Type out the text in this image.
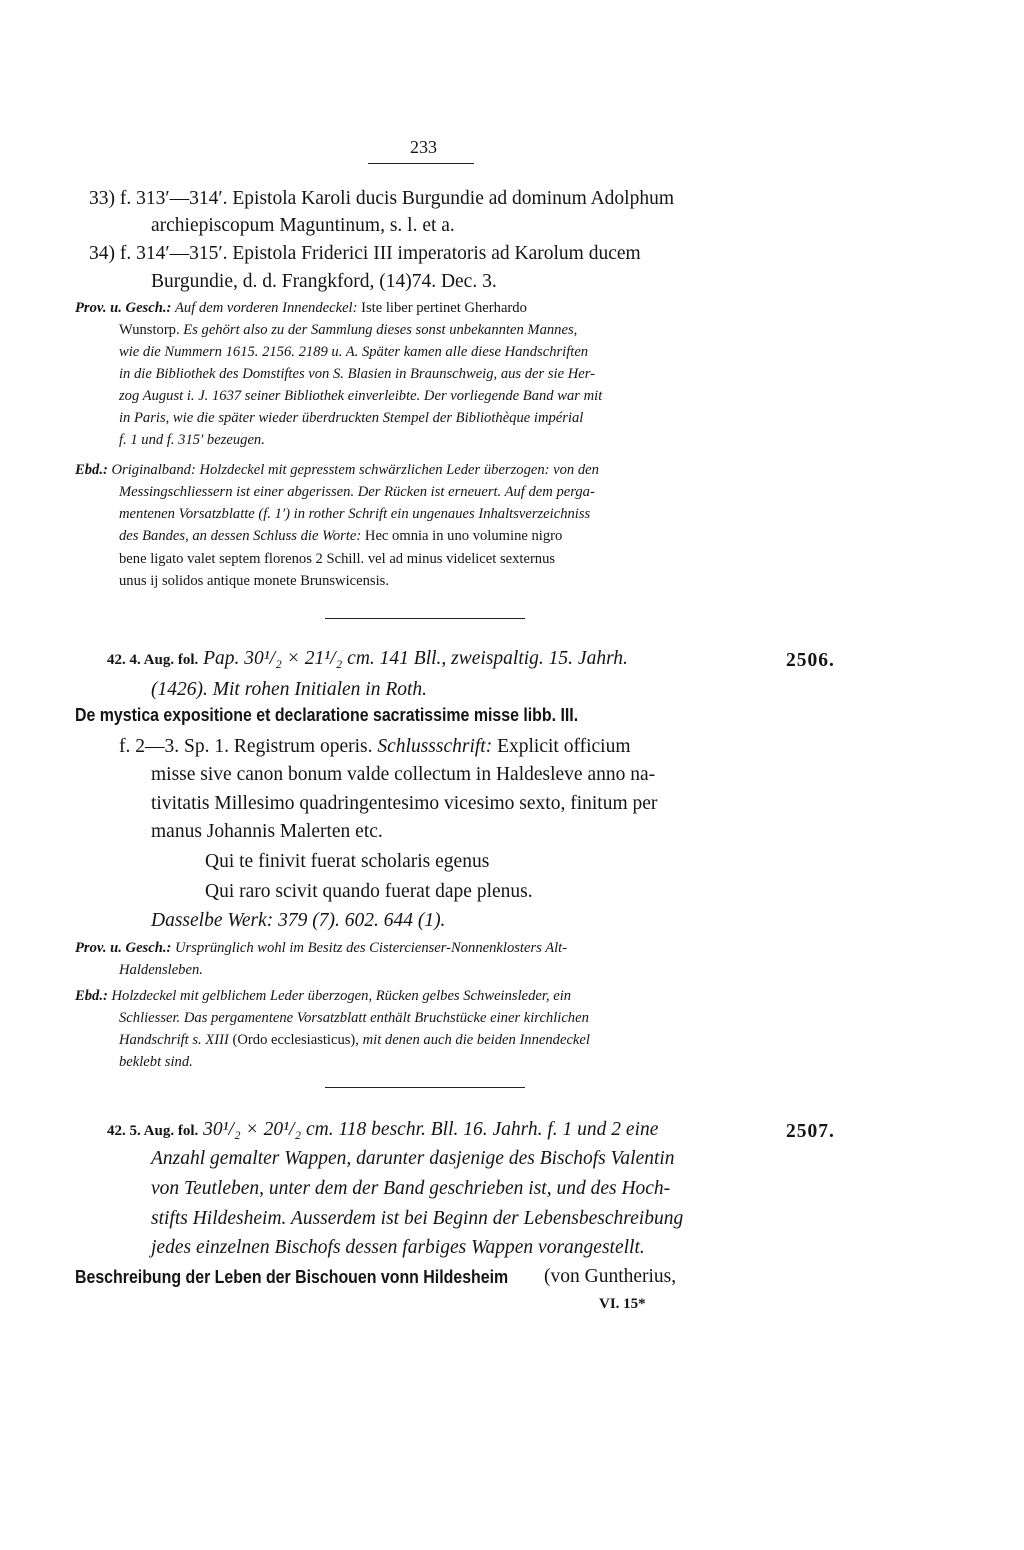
233
33) f. 313′—314′. Epistola Karoli ducis Burgundie ad dominum Adolphum
archiepiscopum Maguntinum, s. l. et a.
34) f. 314′—315′. Epistola Friderici III imperatoris ad Karolum ducem
Burgundie, d. d. Frangkford, (14)74. Dec. 3.
Prov. u. Gesch.: Auf dem vorderen Innendeckel: Iste liber pertinet Gherhardo
Wunstorp. Es gehört also zu der Sammlung dieses sonst unbekannten Mannes,
wie die Nummern 1615. 2156. 2189 u. A. Später kamen alle diese Handschriften
in die Bibliothek des Domstiftes von S. Blasien in Braunschweig, aus der sie Her-
zog August i. J. 1637 seiner Bibliothek einverleibte. Der vorliegende Band war mit
in Paris, wie die später wieder überdruckten Stempel der Bibliothèque impérial
f. 1 und f. 315′ bezeugen.
Ebd.: Originalband: Holzdeckel mit gepresstem schwärzlichen Leder überzogen: von den
Messingschliessern ist einer abgerissen. Der Rücken ist erneuert. Auf dem perga-
mentenen Vorsatzblatte (f. 1′) in rother Schrift ein ungenaues Inhaltsverzeichniss
des Bandes, an dessen Schluss die Worte: Hec omnia in uno volumine nigro
bene ligato valet septem florenos 2 Schill. vel ad minus videlicet sexternus
unus ij solidos antique monete Brunswicensis.
42. 4. Aug. fol. Pap. 30¹/₂ × 21¹/₂ cm. 141 Bll., zweispaltig. 15. Jahrh.	2506.
(1426). Mit rohen Initialen in Roth.
De mystica expositione et declaratione sacratissime misse libb. III.
f. 2—3. Sp. 1. Registrum operis. Schlussschrift: Explicit officium
misse sive canon bonum valde collectum in Haldesleve anno na-
tivitatis Millesimo quadringentesimo vicesimo sexto, finitum per
manus Johannis Malerten etc.
Qui te finivit fuerat scholaris egenus
Qui raro scivit quando fuerat dape plenus.
Dasselbe Werk: 379 (7). 602. 644 (1).
Prov. u. Gesch.: Ursprünglich wohl im Besitz des Cistercienser-Nonnenklosters Alt-
Haldensleben.
Ebd.: Holzdeckel mit gelblichem Leder überzogen, Rücken gelbes Schweinsleder, ein
Schliesser. Das pergamentene Vorsatzblatt enthält Bruchstücke einer kirchlichen
Handschrift s. XIII (Ordo ecclesiasticus), mit denen auch die beiden Innendeckel
beklebt sind.
42. 5. Aug. fol. 30¹/₂ × 20¹/₂ cm. 118 beschr. Bll. 16. Jahrh. f. 1 und 2 eine	2507.
Anzahl gemalter Wappen, darunter dasjenige des Bischofs Valentin
von Teutleben, unter dem der Band geschrieben ist, und des Hoch-
stifts Hildesheim. Ausserdem ist bei Beginn der Lebensbeschreibung
jedes einzelnen Bischofs dessen farbiges Wappen vorangestellt.
Beschreibung der Leben der Bischouen vonn Hildesheim	(von Guntherius,
VI. 15*
